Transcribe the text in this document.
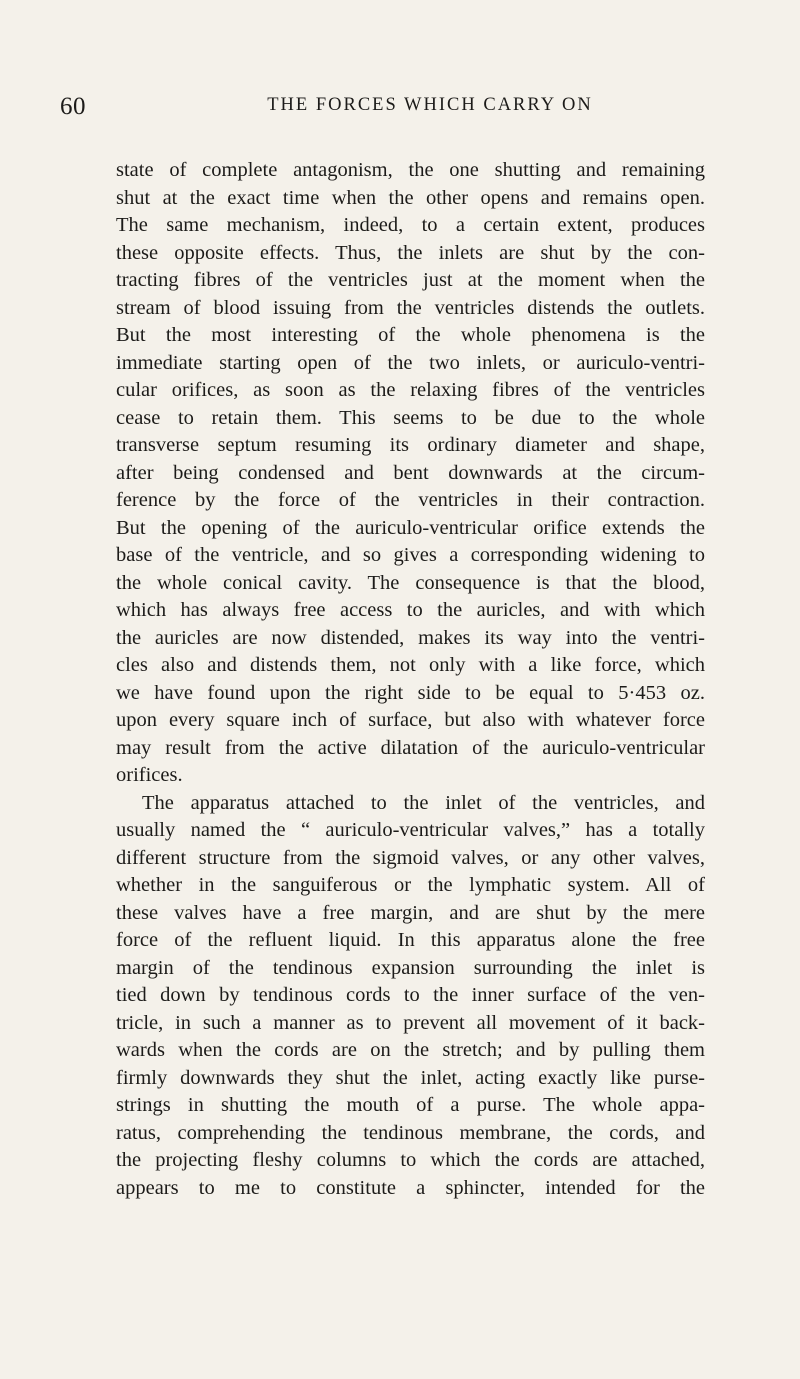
60	THE FORCES WHICH CARRY ON
state of complete antagonism, the one shutting and remaining
shut at the exact time when the other opens and remains open.
The same mechanism, indeed, to a certain extent, produces
these opposite effects. Thus, the inlets are shut by the con-
tracting fibres of the ventricles just at the moment when the
stream of blood issuing from the ventricles distends the outlets.
But the most interesting of the whole phenomena is the
immediate starting open of the two inlets, or auriculo-ventri-
cular orifices, as soon as the relaxing fibres of the ventricles
cease to retain them. This seems to be due to the whole
transverse septum resuming its ordinary diameter and shape,
after being condensed and bent downwards at the circum-
ference by the force of the ventricles in their contraction.
But the opening of the auriculo-ventricular orifice extends the
base of the ventricle, and so gives a corresponding widening to
the whole conical cavity. The consequence is that the blood,
which has always free access to the auricles, and with which
the auricles are now distended, makes its way into the ventri-
cles also and distends them, not only with a like force, which
we have found upon the right side to be equal to 5·453 oz.
upon every square inch of surface, but also with whatever force
may result from the active dilatation of the auriculo-ventricular
orifices.
The apparatus attached to the inlet of the ventricles, and
usually named the “ auriculo-ventricular valves,” has a totally
different structure from the sigmoid valves, or any other valves,
whether in the sanguiferous or the lymphatic system. All of
these valves have a free margin, and are shut by the mere
force of the refluent liquid. In this apparatus alone the free
margin of the tendinous expansion surrounding the inlet is
tied down by tendinous cords to the inner surface of the ven-
tricle, in such a manner as to prevent all movement of it back-
wards when the cords are on the stretch; and by pulling them
firmly downwards they shut the inlet, acting exactly like purse-
strings in shutting the mouth of a purse. The whole appa-
ratus, comprehending the tendinous membrane, the cords, and
the projecting fleshy columns to which the cords are attached,
appears to me to constitute a sphincter, intended for the
